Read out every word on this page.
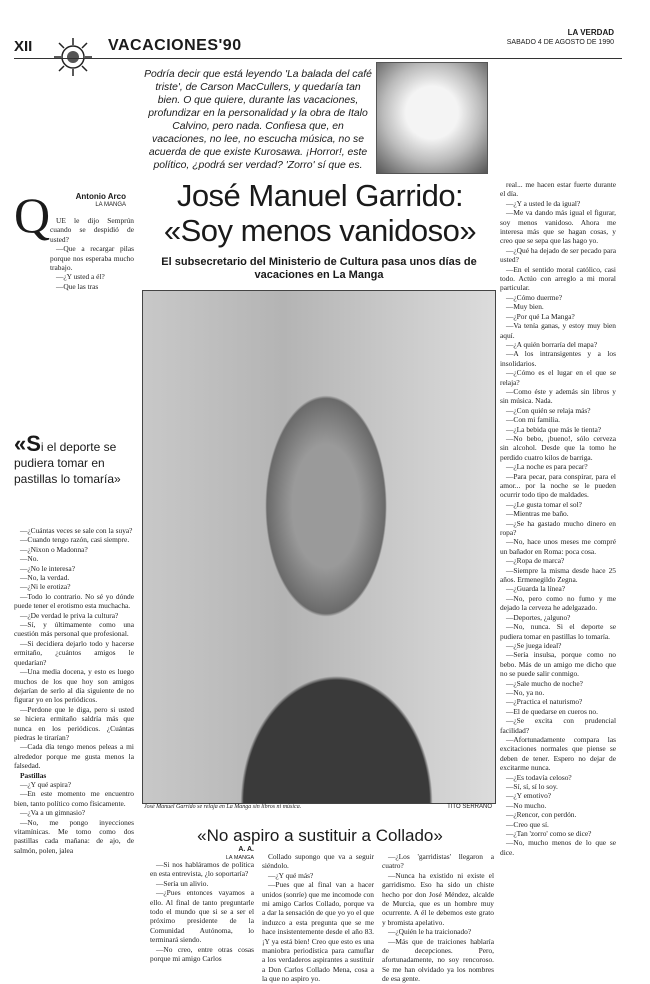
XII	VACACIONES'90
LA VERDAD
SABADO 4 DE AGOSTO DE 1990
Podría decir que está leyendo 'La balada del café triste', de Carson MacCullers, y quedaría tan bien. O que quiere, durante las vacaciones, profundizar en la personalidad y la obra de Italo Calvino, pero nada. Confiesa que, en vacaciones, no lee, no escucha música, no se acuerda de que existe Kurosawa. ¡Horror!, este político, ¿podrá ser verdad? 'Zorro' sí que es.
Q	Antonio Arco
LA MANGA	José Manuel Garrido: «Soy menos vanidoso»
El subsecretario del Ministerio de Cultura pasa unos días de vacaciones en La Manga

UE le dijo Semprún cuando se despidió de usted?

—Que a recargar pilas porque nos esperaba mucho trabajo.

—¿Y usted a él?

—Que las tras

«Si el deporte se pudiera tomar en pastillas lo tomaría»

—¿Cuántas veces se sale con la suya?

—Cuando tengo razón, casi siempre.

—¿Nixon o Madonna?

—No.

—¿No le interesa?

—No, la verdad.

—¿Ni le erotiza?

—Todo lo contrario. No sé yo dónde puede tener el erotismo esta muchacha.

—¿De verdad le priva la cultura?

—Sí, y últimamente como una cuestión más personal que profesional.

—Si decidiera dejarlo todo y hacerse ermitaño, ¿cuántos amigos le quedarían?

—Una media docena, y esto es luego muchos de los que hoy son amigos dejarían de serlo al día siguiente de no figurar yo en los periódicos.

—Perdone que le diga, pero si usted se hiciera ermitaño saldría más que nunca en los periódicos. ¿Cuántas piedras le tirarían?

—Cada día tengo menos peleas a mi alrededor porque me gusta menos la falsedad.

Pastillas

—¿Y qué aspira?

—En este momento me encuentro bien, tanto político como físicamente.

—¿Va a un gimnasio?

—No, me pongo inyecciones vitamínicas. Me tomo como dos pastillas cada mañana: de ajo, de salmón, polen, jalea

TITO SERRANO
José Manuel Garrido se relaja en La Manga sin libros ni música.

real... me hacen estar fuerte durante el día.

—¿Y a usted le da igual?

—Me va dando más igual el figurar, soy menos vanidoso. Ahora me interesa más que se hagan cosas, y creo que se sepa que las hago yo.

—¿Qué ha dejado de ser pecado para usted?

—En el sentido moral católico, casi todo. Actúo con arreglo a mi moral particular.

—¿Cómo duerme?

—Muy bien.

—¿Por qué La Manga?

—Va tenía ganas, y estoy muy bien aquí.

—¿A quién borraría del mapa?

—A los intransigentes y a los insolidarios.

—¿Cómo es el lugar en el que se relaja?

—Como éste y además sin libros y sin música. Nada.

—¿Con quién se relaja más?

—Con mi familia.

—¿La bebida que más le tienta?

—No bebo, ¡bueno!, sólo cerveza sin alcohol. Desde que la tomo he perdido cuatro kilos de barriga.

—¿La noche es para pecar?

—Para pecar, para conspirar, para el amor... por la noche se le pueden ocurrir todo tipo de maldades.

—¿Le gusta tomar el sol?

—Mientras me baño.

—¿Se ha gastado mucho dinero en ropa?

—No, hace unos meses me compré un bañador en Roma: poca cosa.

—¿Ropa de marca?

—Siempre la misma desde hace 25 años. Ermenegildo Zegna.

—¿Guarda la línea?

—No, pero como no fumo y me dejado la cerveza he adelgazado.

—Deportes, ¿alguno?

—No, nunca. Si el deporte se pudiera tomar en pastillas lo tomaría.

—¿Se juega ideal?

—Sería insulsa, porque como no bebo. Más de un amigo me dicho que no se puede salir conmigo.

—¿Sale mucho de noche?

—No, ya no.

—¿Practica el naturismo?

—El de quedarse en cueros no.

—¿Se excita con prudencial facilidad?

—Afortunadamente compara las excitaciones normales que piense se deben de tener. Espero no dejar de excitarme nunca.

—¿Es todavía celoso?

—Sí, sí, sí lo soy.

—¿Y emotivo?

—No mucho.

—¿Rencor, con perdón.

—Creo que sí.

—¿Tan 'zorro' como se dice?

—No, mucho menos de lo que se dice.

«No aspiro a sustituir a Collado»
A. A.
LA MANGA

—Si nos habláramos de política en esta entrevista, ¿lo soportaría?

—Sería un alivio.

—¿Pues entonces vayamos a ello. Al final de tanto preguntarle todo el mundo que si se a ser el próximo presidente de la Comunidad Autónoma, lo terminará siendo.

—No creo, entre otras cosas porque mi amigo Carlos

Collado supongo que va a seguir siéndolo.

—¿Y qué más?

—Pues que al final van a hacer unidos (sonríe) que me incomode con mi amigo Carlos Collado, porque va a dar la sensación de que yo yo el que induzco a esta pregunta que se me hace insistentemente desde el año 83. ¡Y ya está bien! Creo que esto es una maniobra periodística para camuflar a los verdaderos aspirantes a sustituir a Don Carlos Collado Mena, cosa a la que no aspiro yo.

—¿Los 'garridistas' llegaron a cuatro?

—Nunca ha existido ni existe el garridismo. Eso ha sido un chiste hecho por don José Méndez, alcalde de Murcia, que es un hombre muy ocurrente. A él le debemos este grato y bromista apelativo.

—¿Quién le ha traicionado?

—Más que de traiciones hablaría de decepciones. Pero, afortunadamente, no soy rencoroso. Se me han olvidado ya los nombres de esa gente.
